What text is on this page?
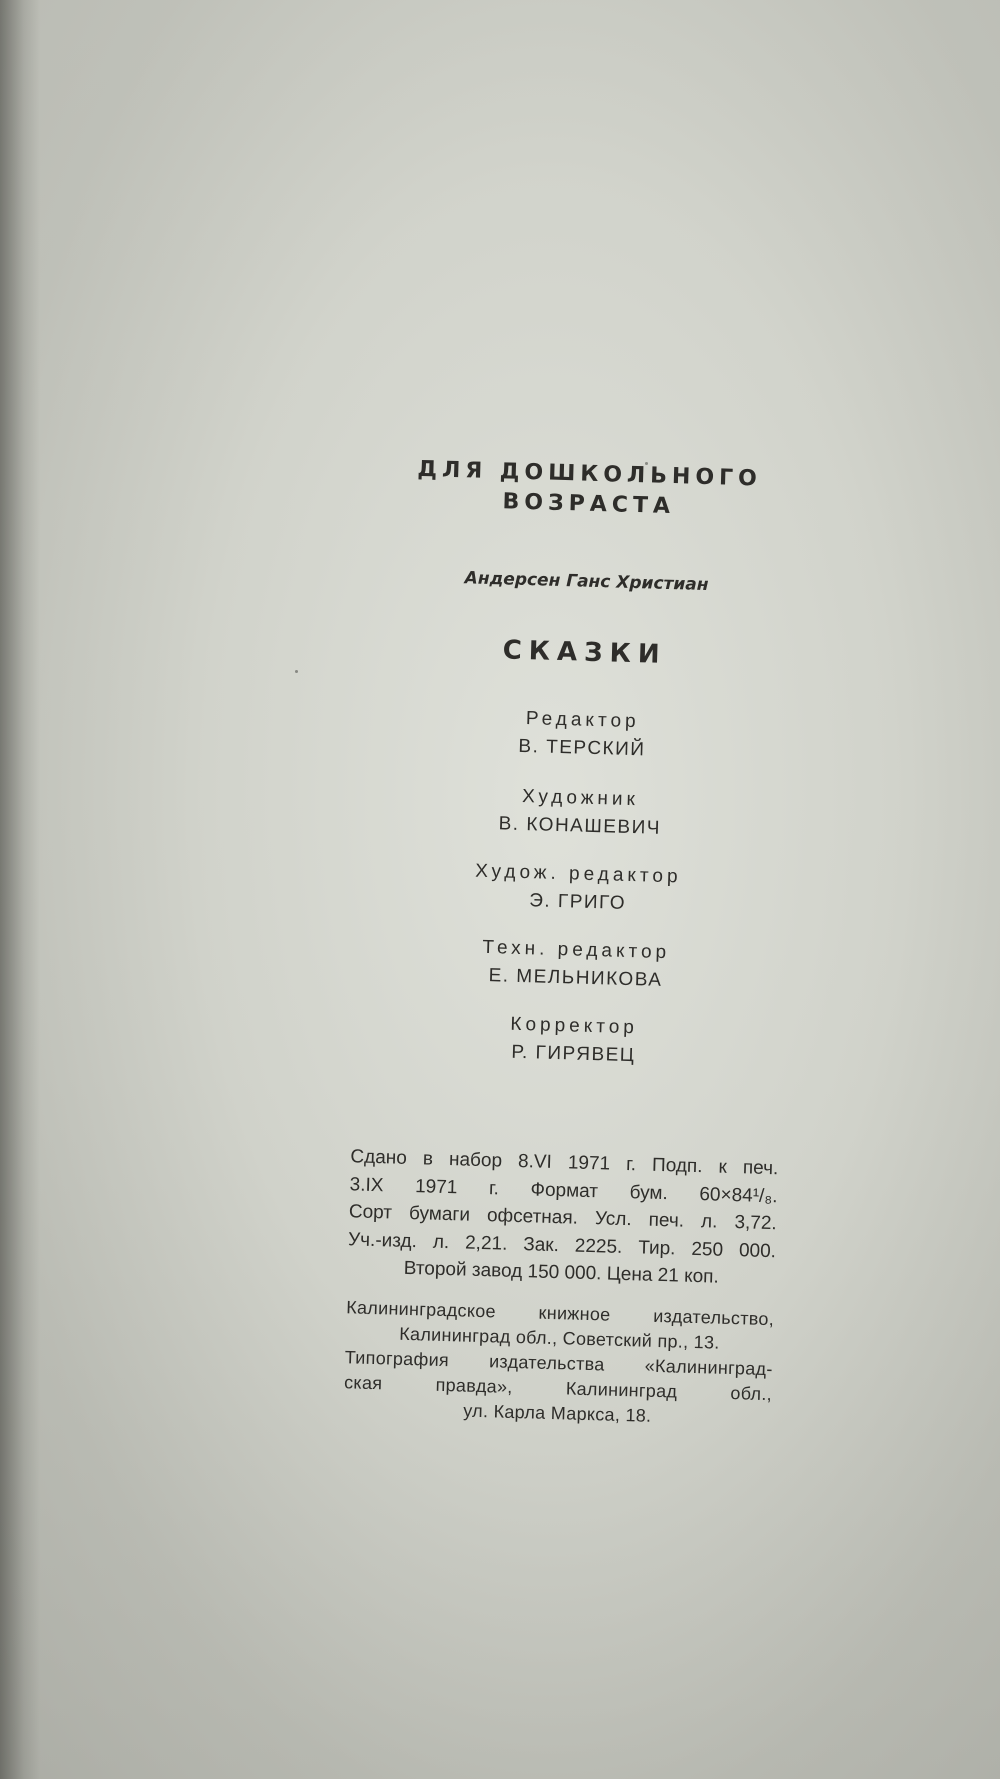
ДЛЯ ДОШКОЛЬНОГО
ВОЗРАСТА
Андерсен Ганс Христиан
СКАЗКИ
Редактор
В. ТЕРСКИЙ
Художник
В. КОНАШЕВИЧ
Худож. редактор
Э. ГРИГО
Техн. редактор
Е. МЕЛЬНИКОВА
Корректор
Р. ГИРЯВЕЦ
Сдано в набор 8.VI 1971 г. Подп. к печ.
3.IX 1971 г. Формат бум. 60×84¹/₈.
Сорт бумаги офсетная. Усл. печ. л. 3,72.
Уч.-изд. л. 2,21. Зак. 2225. Тир. 250 000.
Второй завод 150 000. Цена 21 коп.
Калининградское книжное издательство,
Калининград обл., Советский пр., 13.
Типография издательства «Калининград-
ская правда», Калининград обл.,
ул. Карла Маркса, 18.
